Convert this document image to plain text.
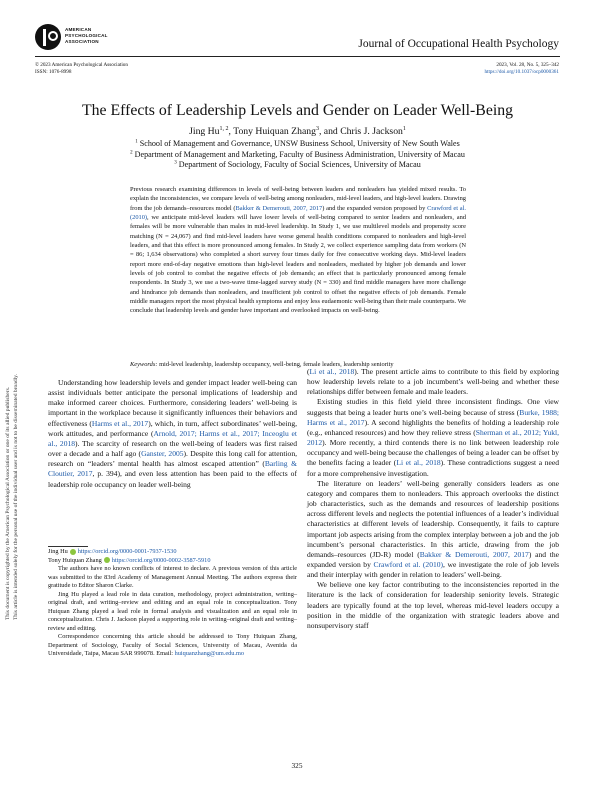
AMERICAN
PSYCHOLOGICAL
ASSOCIATION	Journal of Occupational Health Psychology
© 2023 American Psychological Association
ISSN: 1076-8998
2023, Vol. 28, No. 5, 325–342
https://doi.org/10.1037/ocp0000361
The Effects of Leadership Levels and Gender on Leader Well-Being
Jing Hu$^{1, 2}$, Tony Huiquan Zhang$^3$, and Chris J. Jackson$^1$
$^1$ School of Management and Governance, UNSW Business School, University of New South Wales
$^2$ Department of Management and Marketing, Faculty of Business Administration, University of Macau
$^3$ Department of Sociology, Faculty of Social Sciences, University of Macau
Previous research examining differences in levels of well-being between leaders and nonleaders has yielded mixed results. To explain the inconsistencies, we compare levels of well-being among nonleaders, mid-level leaders, and high-level leaders. Drawing from the job demands–resources model (Bakker & Demerouti, 2007, 2017) and the expanded version proposed by Crawford et al. (2010), we anticipate mid-level leaders will have lower levels of well-being compared to senior leaders and nonleaders, and females will be more vulnerable than males in mid-level leadership. In Study 1, we use multilevel models and propensity score matching (N = 24,067) and find mid-level leaders have worse general health conditions compared to nonleaders and high-level leaders, and that this effect is more pronounced among females. In Study 2, we collect experience sampling data from workers (N = 86; 1,634 observations) who completed a short survey four times daily for five consecutive working days. Mid-level leaders report more end-of-day negative emotions than high-level leaders and nonleaders, mediated by higher job demands and lower levels of job control to combat the negative effects of job demands; an effect that is particularly pronounced among female respondents. In Study 3, we use a two-wave time-lagged survey study (N = 330) and find middle managers have more challenge and hindrance job demands than nonleaders, and insufficient job control to offset the negative effects of job demands. Female middle managers report the most physical health symptoms and enjoy less eudaemonic well-being than their male counterparts. We conclude that leadership levels and gender have important and overlooked impacts on well-being.
Keywords: mid-level leadership, leadership occupancy, well-being, female leaders, leadership seniority

Understanding how leadership levels and gender impact leader well-being can assist individuals better anticipate the personal implications of leadership and make informed career choices. Furthermore, considering leaders’ well-being is important in the workplace because it significantly influences their behaviors and effectiveness (Harms et al., 2017), which, in turn, affect subordinates’ well-being, work attitudes, and performance (Arnold, 2017; Harms et al., 2017; Inceoglu et al., 2018). The scarcity of research on the well-being of leaders was first raised over a decade and a half ago (Ganster, 2005). Despite this long call for attention, research on “leaders’ mental health has almost escaped attention” (Barling & Cloutier, 2017, p. 394), and even less attention has been paid to the effects of leadership role occupancy on leader well-being

(Li et al., 2018). The present article aims to contribute to this field by exploring how leadership levels relate to a job incumbent’s well-being and whether these relationships differ between female and male leaders.

Existing studies in this field yield three inconsistent findings. One view suggests that being a leader hurts one’s well-being because of stress (Burke, 1988; Harms et al., 2017). A second highlights the benefits of holding a leadership role (e.g., enhanced resources) and how they relieve stress (Sherman et al., 2012; Yukl, 2012). More recently, a third contends there is no link between leadership role occupancy and well-being because the challenges of being a leader can be offset by the benefits facing a leader (Li et al., 2018). These contradictions suggest a need for a more comprehensive investigation.

The literature on leaders’ well-being generally considers leaders as one category and compares them to nonleaders. This approach overlooks the distinct job characteristics, such as the demands and resources of leadership positions across different levels and neglects the potential influences of a leader’s individual characteristics at different levels of leadership. Consequently, it fails to capture important job aspects arising from the complex interplay between a job and the job incumbent’s personal characteristics. In this article, drawing from the job demands–resources (JD-R) model (Bakker & Demerouti, 2007, 2017) and the expanded version by Crawford et al. (2010), we investigate the role of job levels and their interplay with gender in relation to leaders’ well-being.

We believe one key factor contributing to the inconsistencies reported in the literature is the lack of consideration for leadership seniority levels. Strategic leaders are typically found at the top level, whereas mid-level leaders occupy a position in the middle of the organization with strategic leaders above and nonsupervisory staff

Jing Hu https://orcid.org/0000-0001-7937-1530

Tony Huiquan Zhang https://orcid.org/0000-0002-3587-5910

The authors have no known conflicts of interest to declare. A previous version of this article was submitted to the 83rd Academy of Management Annual Meeting. The authors express their gratitude to Editor Sharon Clarke.

Jing Hu played a lead role in data curation, methodology, project administration, writing–original draft, and writing–review and editing and an equal role in conceptualization. Tony Huiquan Zhang played a lead role in formal analysis and visualization and an equal role in conceptualization. Chris J. Jackson played a supporting role in writing–original draft and writing–review and editing.

Correspondence concerning this article should be addressed to Tony Huiquan Zhang, Department of Sociology, Faculty of Social Sciences, University of Macau, Avenida da Universidade, Taipa, Macau SAR 999078. Email: huiquanzhang@um.edu.mo

This document is copyrighted by the American Psychological Association or one of its allied publishers. This article is intended solely for the personal use of the individual user and is not to be disseminated broadly.
325
